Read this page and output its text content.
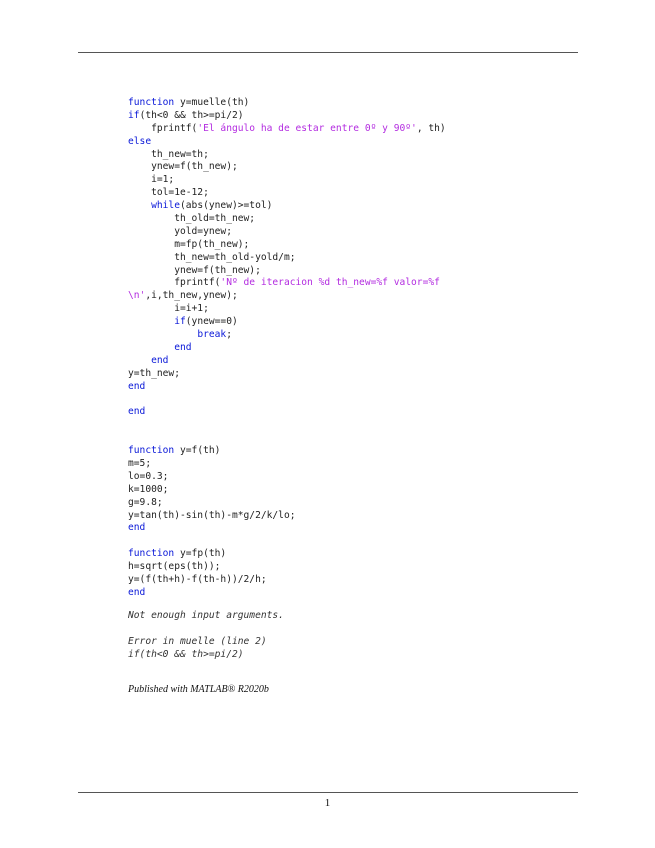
function y=muelle(th)
if(th<0 && th>=pi/2)
fprintf('El ángulo ha de estar entre 0º y 90º', th)
else
th_new=th;
ynew=f(th_new);
i=1;
tol=1e-12;
while(abs(ynew)>=tol)
th_old=th_new;
yold=ynew;
m=fp(th_new);
th_new=th_old-yold/m;
ynew=f(th_new);
fprintf('Nº de iteracion %d th_new=%f valor=%f
\n',i,th_new,ynew);
i=i+1;
if(ynew==0)
break;
end
end
y=th_new;
end
end
function y=f(th)
m=5;
lo=0.3;
k=1000;
g=9.8;
y=tan(th)-sin(th)-m*g/2/k/lo;
end
function y=fp(th)
h=sqrt(eps(th));
y=(f(th+h)-f(th-h))/2/h;
end
Not enough input arguments.
Error in muelle (line 2)
if(th<0 && th>=pi/2)
Published with MATLAB® R2020b
1
